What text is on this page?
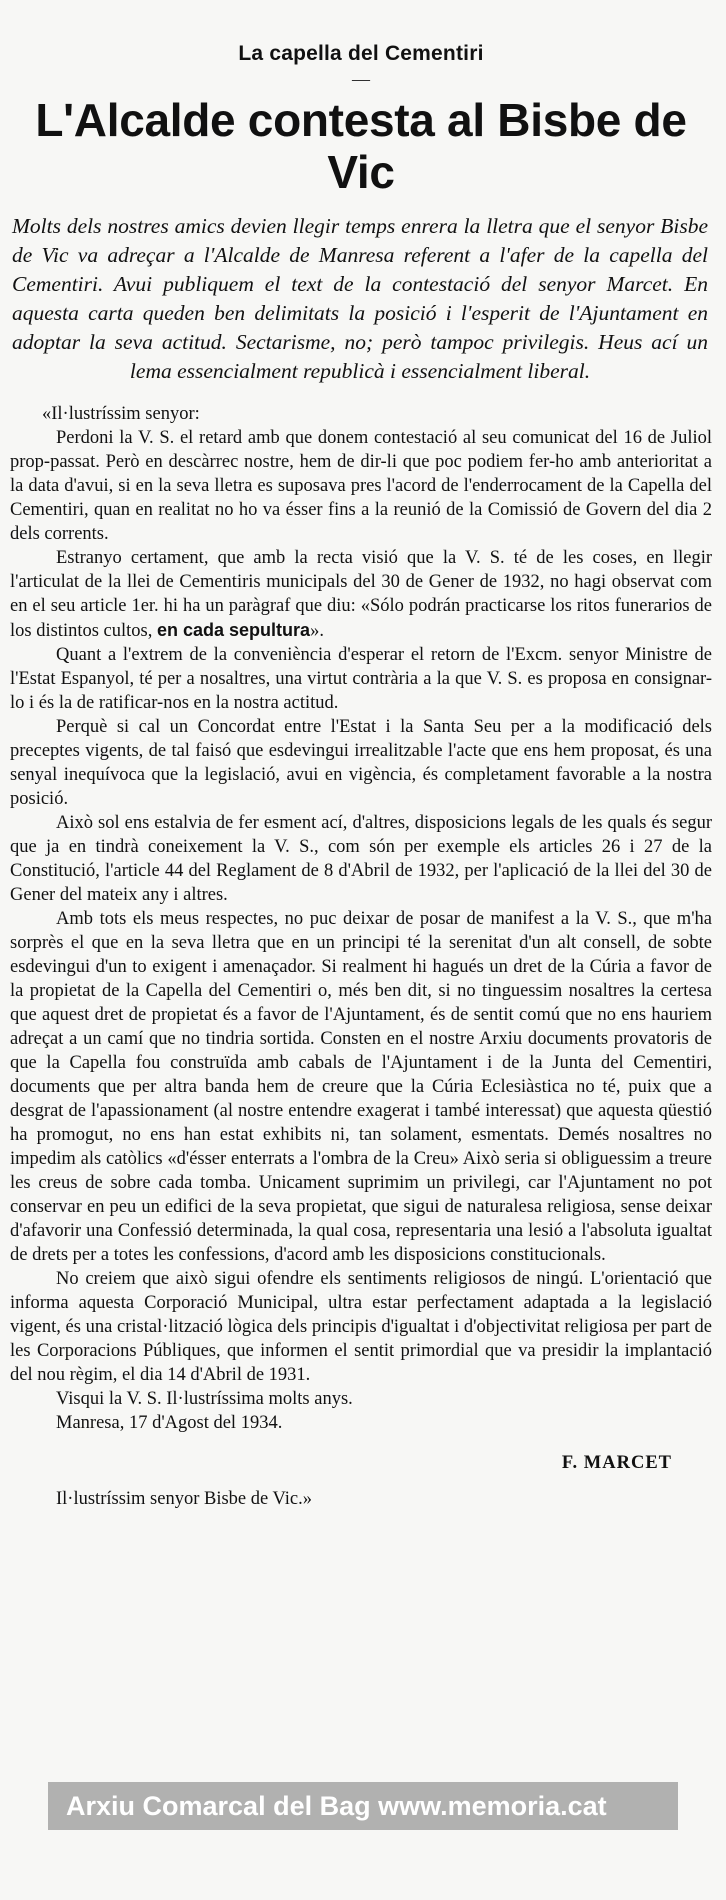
La capella del Cementiri
—
L'Alcalde contesta al Bisbe de Vic
Molts dels nostres amics devien llegir temps enrera la lletra que el senyor Bisbe de Vic va adreçar a l'Alcalde de Manresa referent a l'afer de la capella del Cementiri. Avui publiquem el text de la contestació del senyor Marcet. En aquesta carta queden ben delimitats la posició i l'esperit de l'Ajuntament en adoptar la seva actitud. Sectarisme, no; però tampoc privilegis. Heus ací un lema essencialment republicà i essencialment liberal.

«Il·lustríssim senyor:

Perdoni la V. S. el retard amb que donem contestació al seu comunicat del 16 de Juliol prop-passat. Però en descàrrec nostre, hem de dir-li que poc podiem fer-ho amb anterioritat a la data d'avui, si en la seva lletra es suposava pres l'acord de l'enderrocament de la Capella del Cementiri, quan en realitat no ho va ésser fins a la reunió de la Comissió de Govern del dia 2 dels corrents.

Estranyo certament, que amb la recta visió que la V. S. té de les coses, en llegir l'articulat de la llei de Cementiris municipals del 30 de Gener de 1932, no hagi observat com en el seu article 1er. hi ha un paràgraf que diu: «Sólo podrán practicarse los ritos funerarios de los distintos cultos, en cada sepultura».

Quant a l'extrem de la conveniència d'esperar el retorn de l'Excm. senyor Ministre de l'Estat Espanyol, té per a nosaltres, una virtut contrària a la que V. S. es proposa en consignar-lo i és la de ratificar-nos en la nostra actitud.

Perquè si cal un Concordat entre l'Estat i la Santa Seu per a la modificació dels preceptes vigents, de tal faisó que esdevingui irrealitzable l'acte que ens hem proposat, és una senyal inequívoca que la legislació, avui en vigència, és completament favorable a la nostra posició.

Això sol ens estalvia de fer esment ací, d'altres, disposicions legals de les quals és segur que ja en tindrà coneixement la V. S., com són per exemple els articles 26 i 27 de la Constitució, l'article 44 del Reglament de 8 d'Abril de 1932, per l'aplicació de la llei del 30 de Gener del mateix any i altres.

Amb tots els meus respectes, no puc deixar de posar de manifest a la V. S., que m'ha sorprès el que en la seva lletra que en un principi té la serenitat d'un alt consell, de sobte esdevingui d'un to exigent i amenaçador. Si realment hi hagués un dret de la Cúria a favor de la propietat de la Capella del Cementiri o, més ben dit, si no tinguessim nosaltres la certesa que aquest dret de propietat és a favor de l'Ajuntament, és de sentit comú que no ens hauriem adreçat a un camí que no tindria sortida. Consten en el nostre Arxiu documents provatoris de que la Capella fou construïda amb cabals de l'Ajuntament i de la Junta del Cementiri, documents que per altra banda hem de creure que la Cúria Eclesiàstica no té, puix que a desgrat de l'apassionament (al nostre entendre exagerat i també interessat) que aquesta qüestió ha promogut, no ens han estat exhibits ni, tan solament, esmentats. Demés nosaltres no impedim als catòlics «d'ésser enterrats a l'ombra de la Creu» Això seria si obliguessim a treure les creus de sobre cada tomba. Unicament suprimim un privilegi, car l'Ajuntament no pot conservar en peu un edifici de la seva propietat, que sigui de naturalesa religiosa, sense deixar d'afavorir una Confessió determinada, la qual cosa, representaria una lesió a l'absoluta igualtat de drets per a totes les confessions, d'acord amb les disposicions constitucionals.

No creiem que això sigui ofendre els sentiments religiosos de ningú. L'orientació que informa aquesta Corporació Municipal, ultra estar perfectament adaptada a la legislació vigent, és una cristal·lització lògica dels principis d'igualtat i d'objectivitat religiosa per part de les Corporacions Públiques, que informen el sentit primordial que va presidir la implantació del nou règim, el dia 14 d'Abril de 1931.

Visqui la V. S. Il·lustríssima molts anys.

Manresa, 17 d'Agost del 1934.

F. MARCET

Il·lustríssim senyor Bisbe de Vic.»

Arxiu Comarcal del Bag www.memoria.cat
